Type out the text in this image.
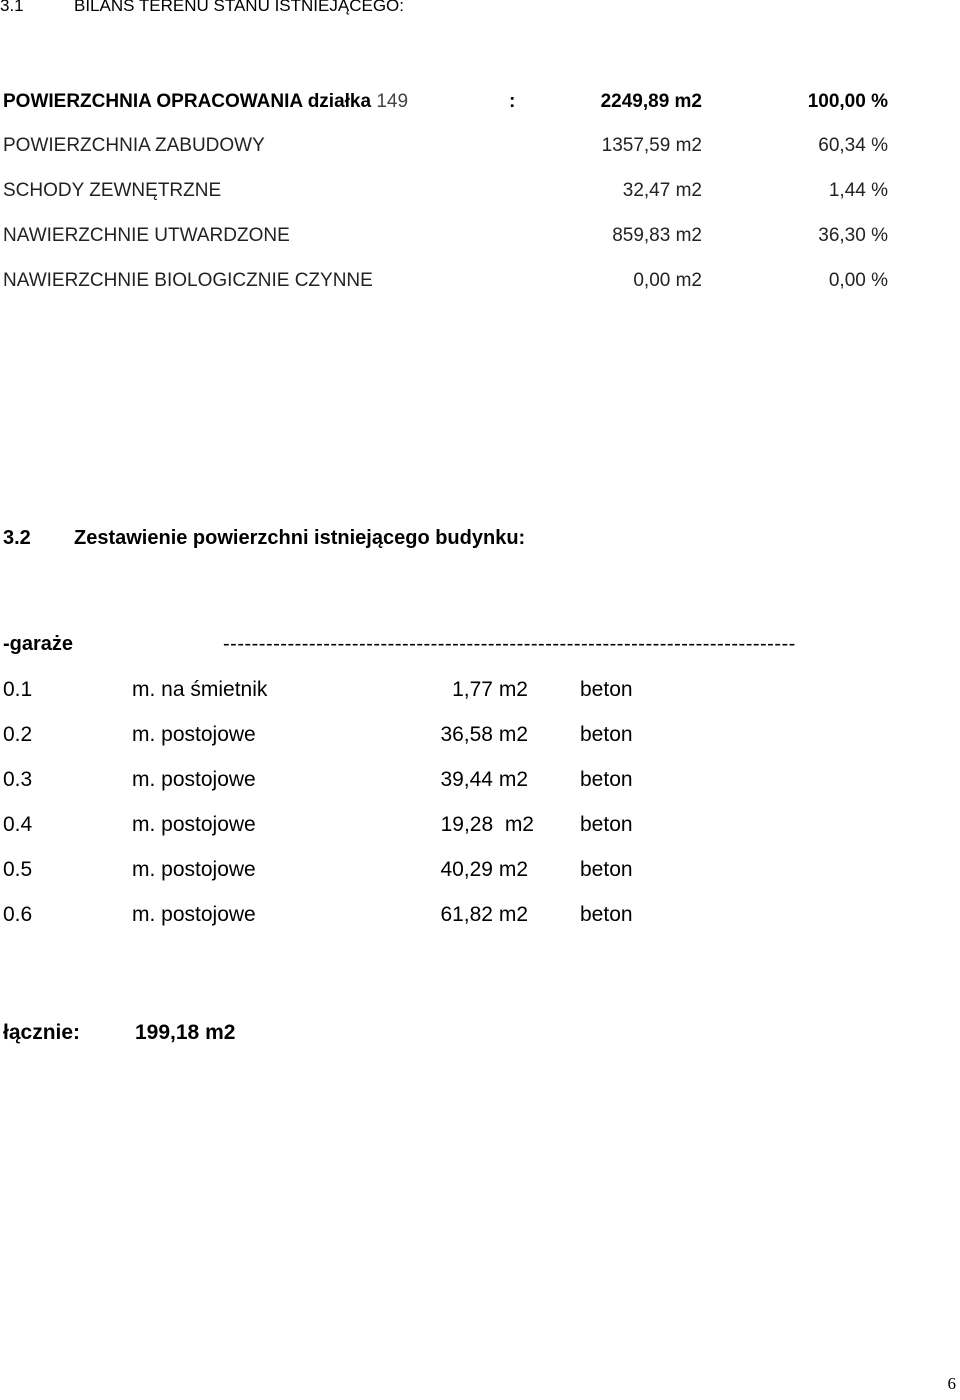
3.1	BILANS TERENU STANU ISTNIEJĄCEGO:
POWIERZCHNIA OPRACOWANIA działka 149	:	2249,89 m2	100,00 %
POWIERZCHNIA ZABUDOWY	1357,59 m2	60,34 %
SCHODY ZEWNĘTRZNE	32,47 m2	1,44 %
NAWIERZCHNIE UTWARDZONE	859,83 m2	36,30 %
NAWIERZCHNIE BIOLOGICZNIE CZYNNE	0,00 m2	0,00 %
3.2 Zestawienie powierzchni istniejącego budynku:
-garaże	--------------------------------------------------------------------------------
0.1	m. na śmietnik	1,77 m2 beton
0.2	m. postojowe	36,58 m2 beton
0.3	m. postojowe	39,44 m2 beton
0.4	m. postojowe	19,28  m2 beton
0.5	m. postojowe	40,29 m2 beton
0.6	m. postojowe	61,82 m2 beton
łącznie:	199,18 m2
6
